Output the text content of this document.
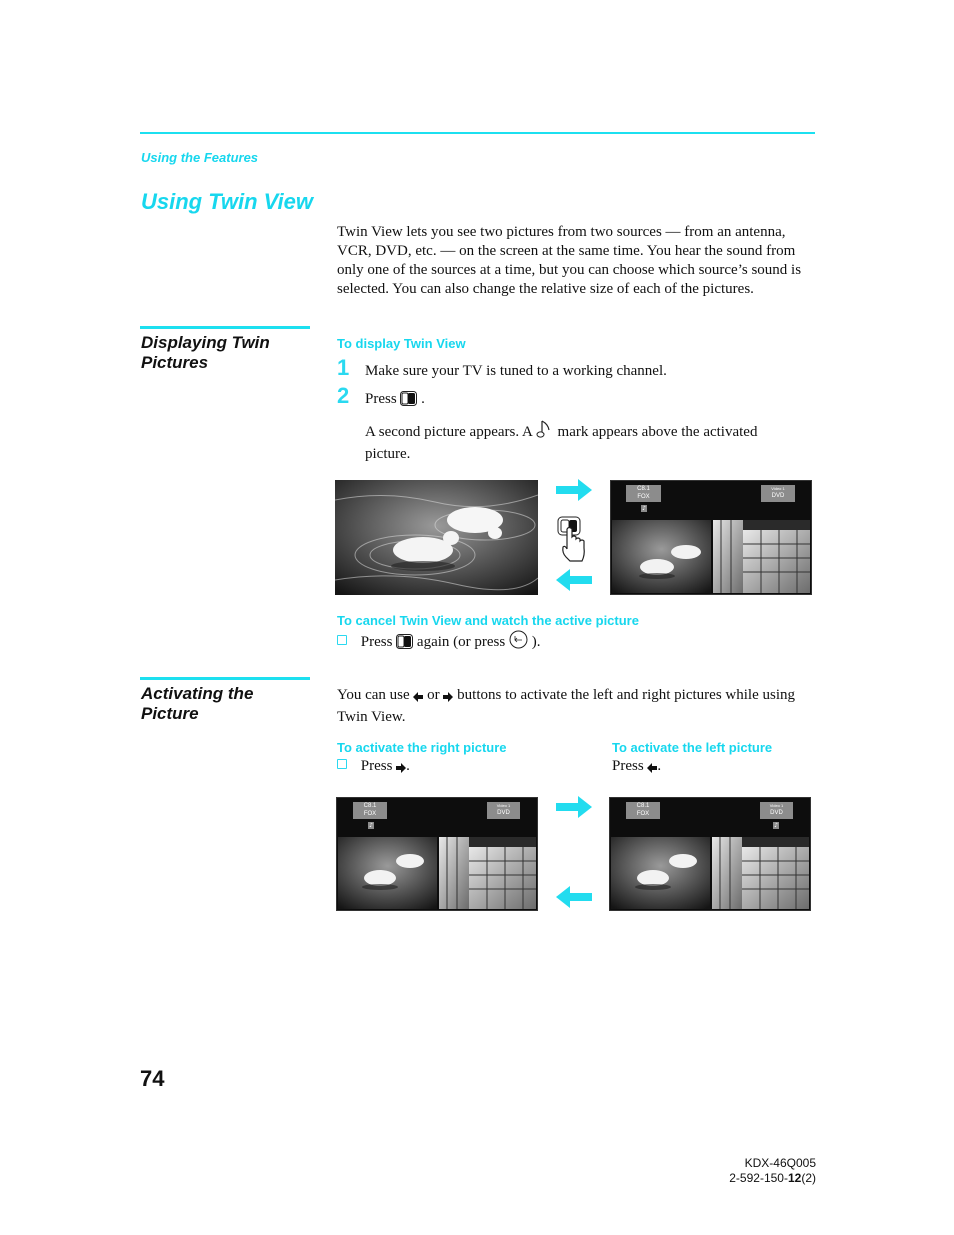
Using the Features
Using Twin View
Twin View lets you see two pictures from two sources — from an antenna, VCR, DVD, etc. — on the screen at the same time. You hear the sound from only one of the sources at a time, but you can choose which source’s sound is selected. You can also change the relative size of each of the pictures.
Displaying Twin
Pictures
To display Twin View
1 Make sure your TV is tuned to a working channel.
2 Press .
A second picture appears. A mark appears above the activated
picture.
C8.1
FOX
♪
Video 1
DVD
To cancel Twin View and watch the active picture
Press again (or press ).
Activating the
Picture
You can use or buttons to activate the left and right pictures while using
Twin View.
To activate the right picture
Press .
To activate the left picture
Press .
C8.1
FOX
♪
Video 1
DVD
C8.1
FOX
Video 1
DVD
♪
74
KDX-46Q005
2-592-150-12(2)
